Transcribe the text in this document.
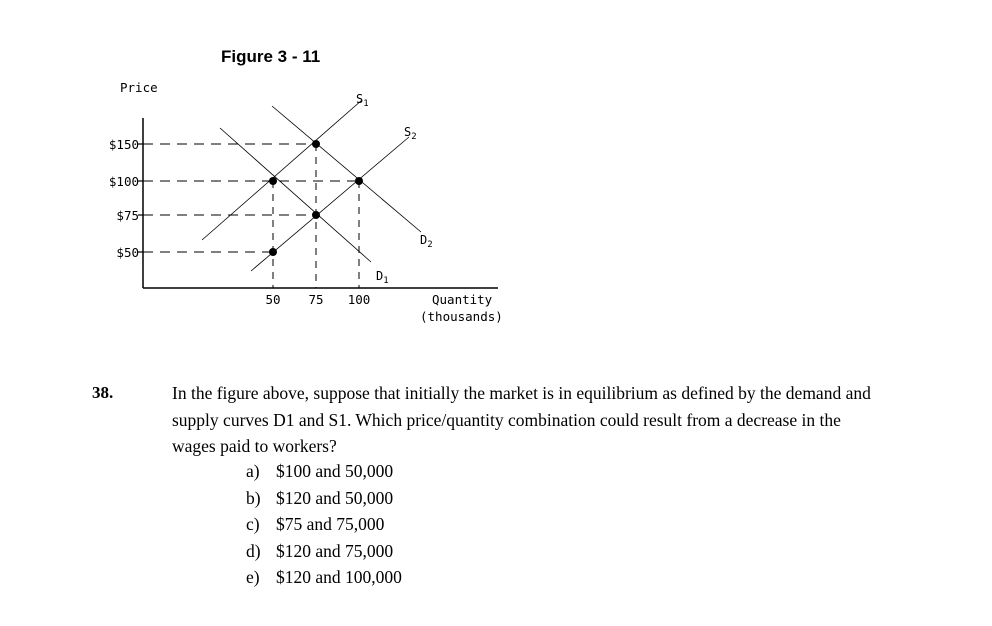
Figure 3 - 11
Price
Quantity
(thousands)
$150
$100
$75
$50
50 75 100
$S_1$
$S_2$
$D_1$
$D_2$
38.	In the figure above, suppose that initially the market is in equilibrium as defined by the demand and supply curves D1 and S1. Which price/quantity combination could result from a decrease in the wages paid to workers?
a) $100 and 50,000
b) $120 and 50,000
c) $75 and 75,000
d) $120 and 75,000
e) $120 and 100,000
